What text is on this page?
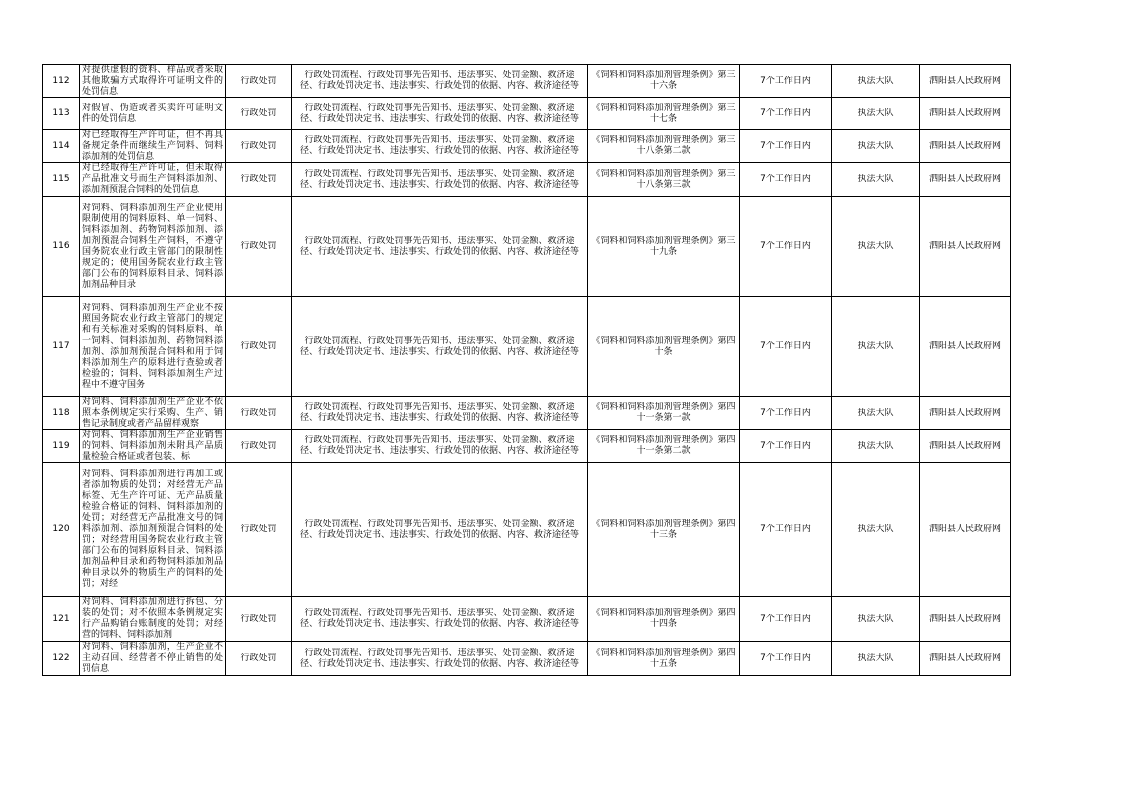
112	对提供虚假的资料、样品或者采取其他欺骗方式取得许可证明文件的处罚信息	行政处罚	行政处罚流程、行政处罚事先告知书、违法事实、处罚金额、救济途径、行政处罚决定书、违法事实、行政处罚的依据、内容、救济途径等	《饲料和饲料添加剂管理条例》第三十六条	7个工作日内	执法大队	泗阳县人民政府网

113	对假冒、伪造或者买卖许可证明文件的处罚信息	行政处罚	行政处罚流程、行政处罚事先告知书、违法事实、处罚金额、救济途径、行政处罚决定书、违法事实、行政处罚的依据、内容、救济途径等	《饲料和饲料添加剂管理条例》第三十七条	7个工作日内	执法大队	泗阳县人民政府网

114	对已经取得生产许可证，但不再具备规定条件而继续生产饲料、饲料添加剂的处罚信息	行政处罚	行政处罚流程、行政处罚事先告知书、违法事实、处罚金额、救济途径、行政处罚决定书、违法事实、行政处罚的依据、内容、救济途径等	《饲料和饲料添加剂管理条例》第三十八条第二款	7个工作日内	执法大队	泗阳县人民政府网

115	对已经取得生产许可证，但未取得产品批准文号而生产饲料添加剂、添加剂预混合饲料的处罚信息	行政处罚	行政处罚流程、行政处罚事先告知书、违法事实、处罚金额、救济途径、行政处罚决定书、违法事实、行政处罚的依据、内容、救济途径等	《饲料和饲料添加剂管理条例》第三十八条第三款	7个工作日内	执法大队	泗阳县人民政府网

116	对饲料、饲料添加剂生产企业使用限制使用的饲料原料、单一饲料、饲料添加剂、药物饲料添加剂、添加剂预混合饲料生产饲料，不遵守国务院农业行政主管部门的限制性规定的；使用国务院农业行政主管部门公布的饲料原料目录、饲料添加剂品种目录	行政处罚	行政处罚流程、行政处罚事先告知书、违法事实、处罚金额、救济途径、行政处罚决定书、违法事实、行政处罚的依据、内容、救济途径等	《饲料和饲料添加剂管理条例》第三十九条	7个工作日内	执法大队	泗阳县人民政府网

117	对饲料、饲料添加剂生产企业不按照国务院农业行政主管部门的规定和有关标准对采购的饲料原料、单一饲料、饲料添加剂、药物饲料添加剂、添加剂预混合饲料和用于饲料添加剂生产的原料进行查验或者检验的；饲料、饲料添加剂生产过程中不遵守国务	行政处罚	行政处罚流程、行政处罚事先告知书、违法事实、处罚金额、救济途径、行政处罚决定书、违法事实、行政处罚的依据、内容、救济途径等	《饲料和饲料添加剂管理条例》第四十条	7个工作日内	执法大队	泗阳县人民政府网

118	对饲料、饲料添加剂生产企业不依照本条例规定实行采购、生产、销售记录制度或者产品留样观察	行政处罚	行政处罚流程、行政处罚事先告知书、违法事实、处罚金额、救济途径、行政处罚决定书、违法事实、行政处罚的依据、内容、救济途径等	《饲料和饲料添加剂管理条例》第四十一条第一款	7个工作日内	执法大队	泗阳县人民政府网

119	对饲料、饲料添加剂生产企业销售的饲料、饲料添加剂未附具产品质量检验合格证或者包装、标	行政处罚	行政处罚流程、行政处罚事先告知书、违法事实、处罚金额、救济途径、行政处罚决定书、违法事实、行政处罚的依据、内容、救济途径等	《饲料和饲料添加剂管理条例》第四十一条第二款	7个工作日内	执法大队	泗阳县人民政府网

120	对饲料、饲料添加剂进行再加工或者添加物质的处罚；对经营无产品标签、无生产许可证、无产品质量检验合格证的饲料、饲料添加剂的处罚；对经营无产品批准文号的饲料添加剂、添加剂预混合饲料的处罚；对经营用国务院农业行政主管部门公布的饲料原料目录、饲料添加剂品种目录和药物饲料添加剂品种目录以外的物质生产的饲料的处罚；对经	行政处罚	行政处罚流程、行政处罚事先告知书、违法事实、处罚金额、救济途径、行政处罚决定书、违法事实、行政处罚的依据、内容、救济途径等	《饲料和饲料添加剂管理条例》第四十三条	7个工作日内	执法大队	泗阳县人民政府网

121	对饲料、饲料添加剂进行拆包、分装的处罚；对不依照本条例规定实行产品购销台账制度的处罚；对经营的饲料、饲料添加剂	行政处罚	行政处罚流程、行政处罚事先告知书、违法事实、处罚金额、救济途径、行政处罚决定书、违法事实、行政处罚的依据、内容、救济途径等	《饲料和饲料添加剂管理条例》第四十四条	7个工作日内	执法大队	泗阳县人民政府网

122	对饲料、饲料添加剂，生产企业不主动召回、经营者不停止销售的处罚信息	行政处罚	行政处罚流程、行政处罚事先告知书、违法事实、处罚金额、救济途径、行政处罚决定书、违法事实、行政处罚的依据、内容、救济途径等	《饲料和饲料添加剂管理条例》第四十五条	7个工作日内	执法大队	泗阳县人民政府网
